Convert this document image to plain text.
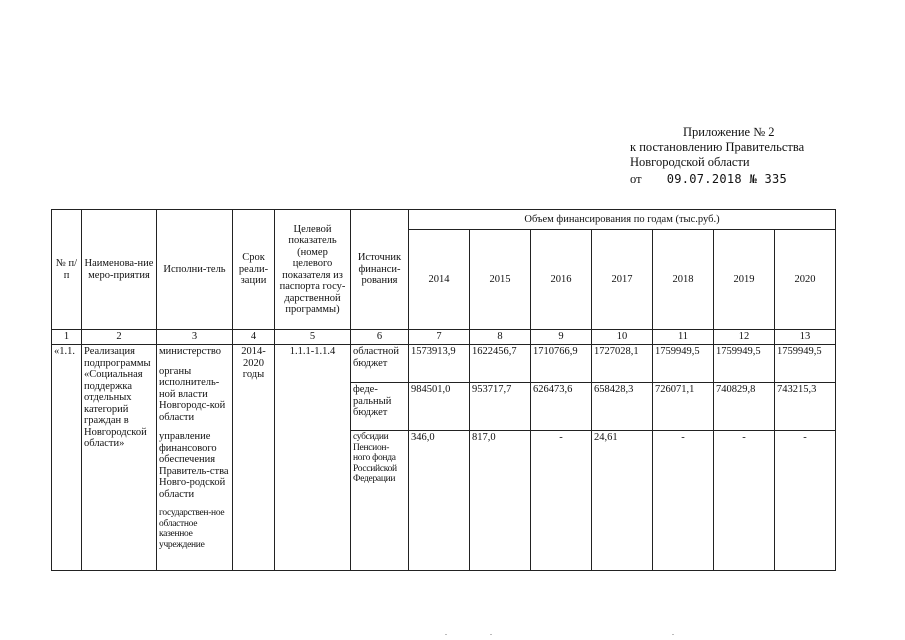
Приложение № 2
к постановлению Правительства
Новгородской области
от 09.07.2018 № 335
№ п/п	Наименова-ние меро-приятия	Исполни-тель	Срок реали-зации	Целевой показатель (номер целевого показателя из паспорта госу-дарственной программы)	Источник финанси-рования	Объем финансирования по годам (тыс.руб.)						
						2014	2015	2016	2017	2018	2019	2020
1	2	3	4	5	6	7	8	9	10	11	12	13
«1.1.	Реализация подпрограммы «Социальная поддержка отдельных категорий граждан в Новгородской области»	министерство
органы исполнитель-ной власти Новгородс-кой области
управление финансового обеспечения Правитель-ства Новго-родской области
государствен-ное областное казенное учреждение	2014-2020 годы	1.1.1-1.1.4	областной бюджет	1573913,9	1622456,7	1710766,9	1727028,1	1759949,5	1759949,5	1759949,5
					феде-ральный бюджет	984501,0	953717,7	626473,6	658428,3	726071,1	740829,8	743215,3
					субсидии Пенсион-ного фонда Российской Федерации	346,0	817,0	-	24,61	-	-	-
